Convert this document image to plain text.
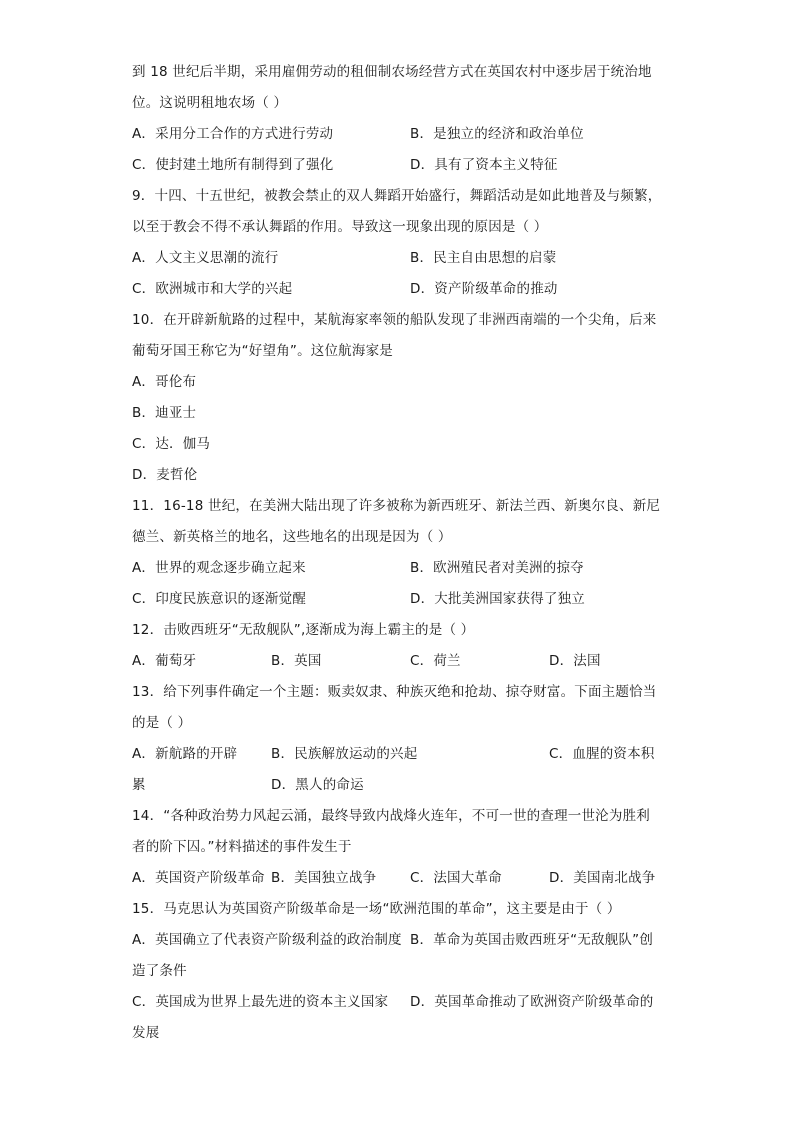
到 18 世纪后半期，采用雇佣劳动的租佃制农场经营方式在英国农村中逐步居于统治地
位。这说明租地农场（ ）
A．采用分工合作的方式进行劳动	B．是独立的经济和政治单位
C．使封建土地所有制得到了强化	D．具有了资本主义特征
9．十四、十五世纪，被教会禁止的双人舞蹈开始盛行，舞蹈活动是如此地普及与频繁，
以至于教会不得不承认舞蹈的作用。导致这一现象出现的原因是（ ）
A．人文主义思潮的流行	B．民主自由思想的启蒙
C．欧洲城市和大学的兴起	D．资产阶级革命的推动
10．在开辟新航路的过程中，某航海家率领的船队发现了非洲西南端的一个尖角，后来
葡萄牙国王称它为“好望角”。这位航海家是
A．哥伦布
B．迪亚士
C．达．伽马
D．麦哲伦
11．16-18 世纪，在美洲大陆出现了许多被称为新西班牙、新法兰西、新奥尔良、新尼
德兰、新英格兰的地名，这些地名的出现是因为（ ）
A．世界的观念逐步确立起来	B．欧洲殖民者对美洲的掠夺
C．印度民族意识的逐渐觉醒	D．大批美洲国家获得了独立
12．击败西班牙“无敌舰队”,逐渐成为海上霸主的是（ ）
A．葡萄牙	B．英国	C．荷兰	D．法国
13．给下列事件确定一个主题：贩卖奴隶、种族灭绝和抢劫、掠夺财富。下面主题恰当
的是（ ）
A．新航路的开辟 B．民族解放运动的兴起	C．血腥的资本积
累	D．黑人的命运
14．“各种政治势力风起云涌，最终导致内战烽火连年，不可一世的查理一世沦为胜利
者的阶下囚。”材料描述的事件发生于
A．英国资产阶级革命 B．美国独立战争 C．法国大革命	D．美国南北战争
15．马克思认为英国资产阶级革命是一场“欧洲范围的革命”，这主要是由于（ ）
A．英国确立了代表资产阶级利益的政治制度 B．革命为英国击败西班牙“无敌舰队”创
造了条件
C．英国成为世界上最先进的资本主义国家 D．英国革命推动了欧洲资产阶级革命的
发展
